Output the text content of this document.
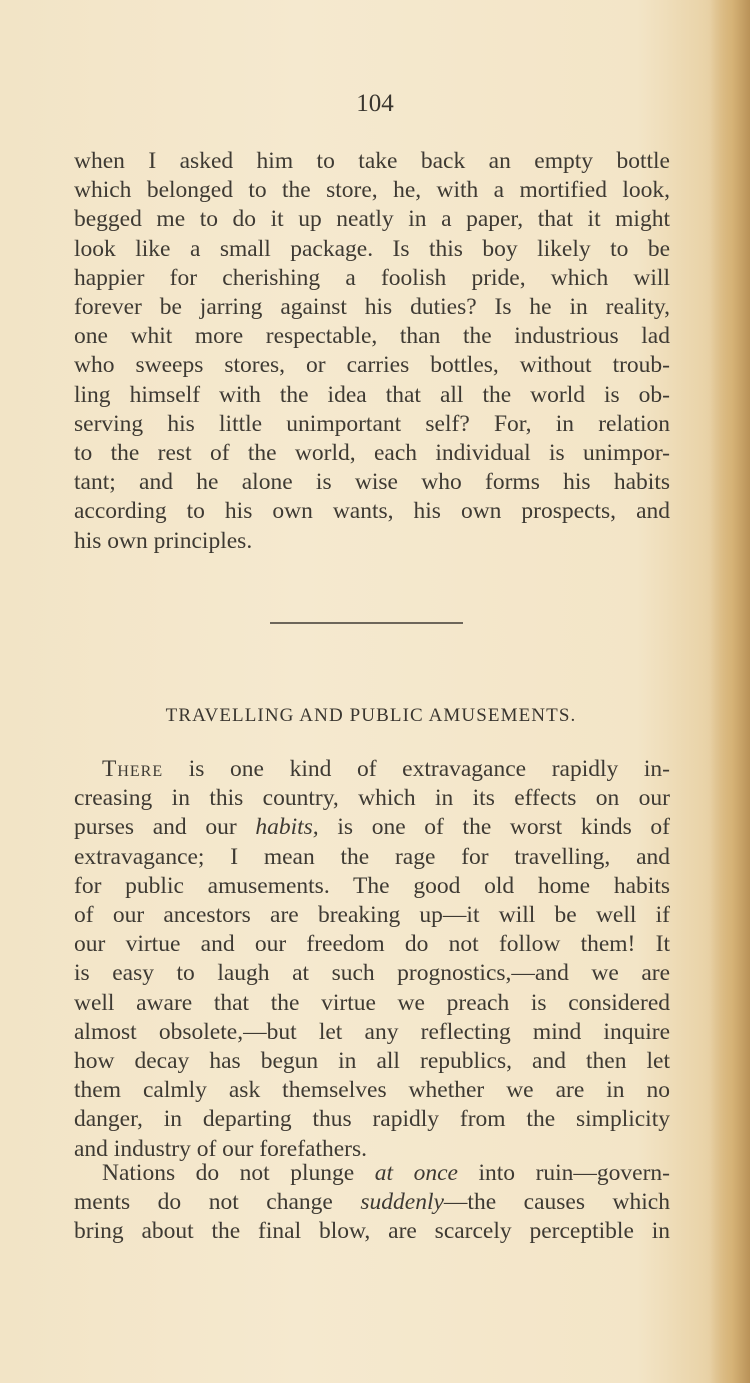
104
when I asked him to take back an empty bottle
which belonged to the store, he, with a mortified look,
begged me to do it up neatly in a paper, that it might
look like a small package. Is this boy likely to be
happier for cherishing a foolish pride, which will
forever be jarring against his duties? Is he in reality,
one whit more respectable, than the industrious lad
who sweeps stores, or carries bottles, without troub-
ling himself with the idea that all the world is ob-
serving his little unimportant self? For, in relation
to the rest of the world, each individual is unimpor-
tant; and he alone is wise who forms his habits
according to his own wants, his own prospects, and
his own principles.
TRAVELLING AND PUBLIC AMUSEMENTS.
There is one kind of extravagance rapidly in-
creasing in this country, which in its effects on our
purses and our habits, is one of the worst kinds of
extravagance; I mean the rage for travelling, and
for public amusements. The good old home habits
of our ancestors are breaking up—it will be well if
our virtue and our freedom do not follow them! It
is easy to laugh at such prognostics,—and we are
well aware that the virtue we preach is considered
almost obsolete,—but let any reflecting mind inquire
how decay has begun in all republics, and then let
them calmly ask themselves whether we are in no
danger, in departing thus rapidly from the simplicity
and industry of our forefathers.
Nations do not plunge at once into ruin—govern-
ments do not change suddenly—the causes which
bring about the final blow, are scarcely perceptible in
